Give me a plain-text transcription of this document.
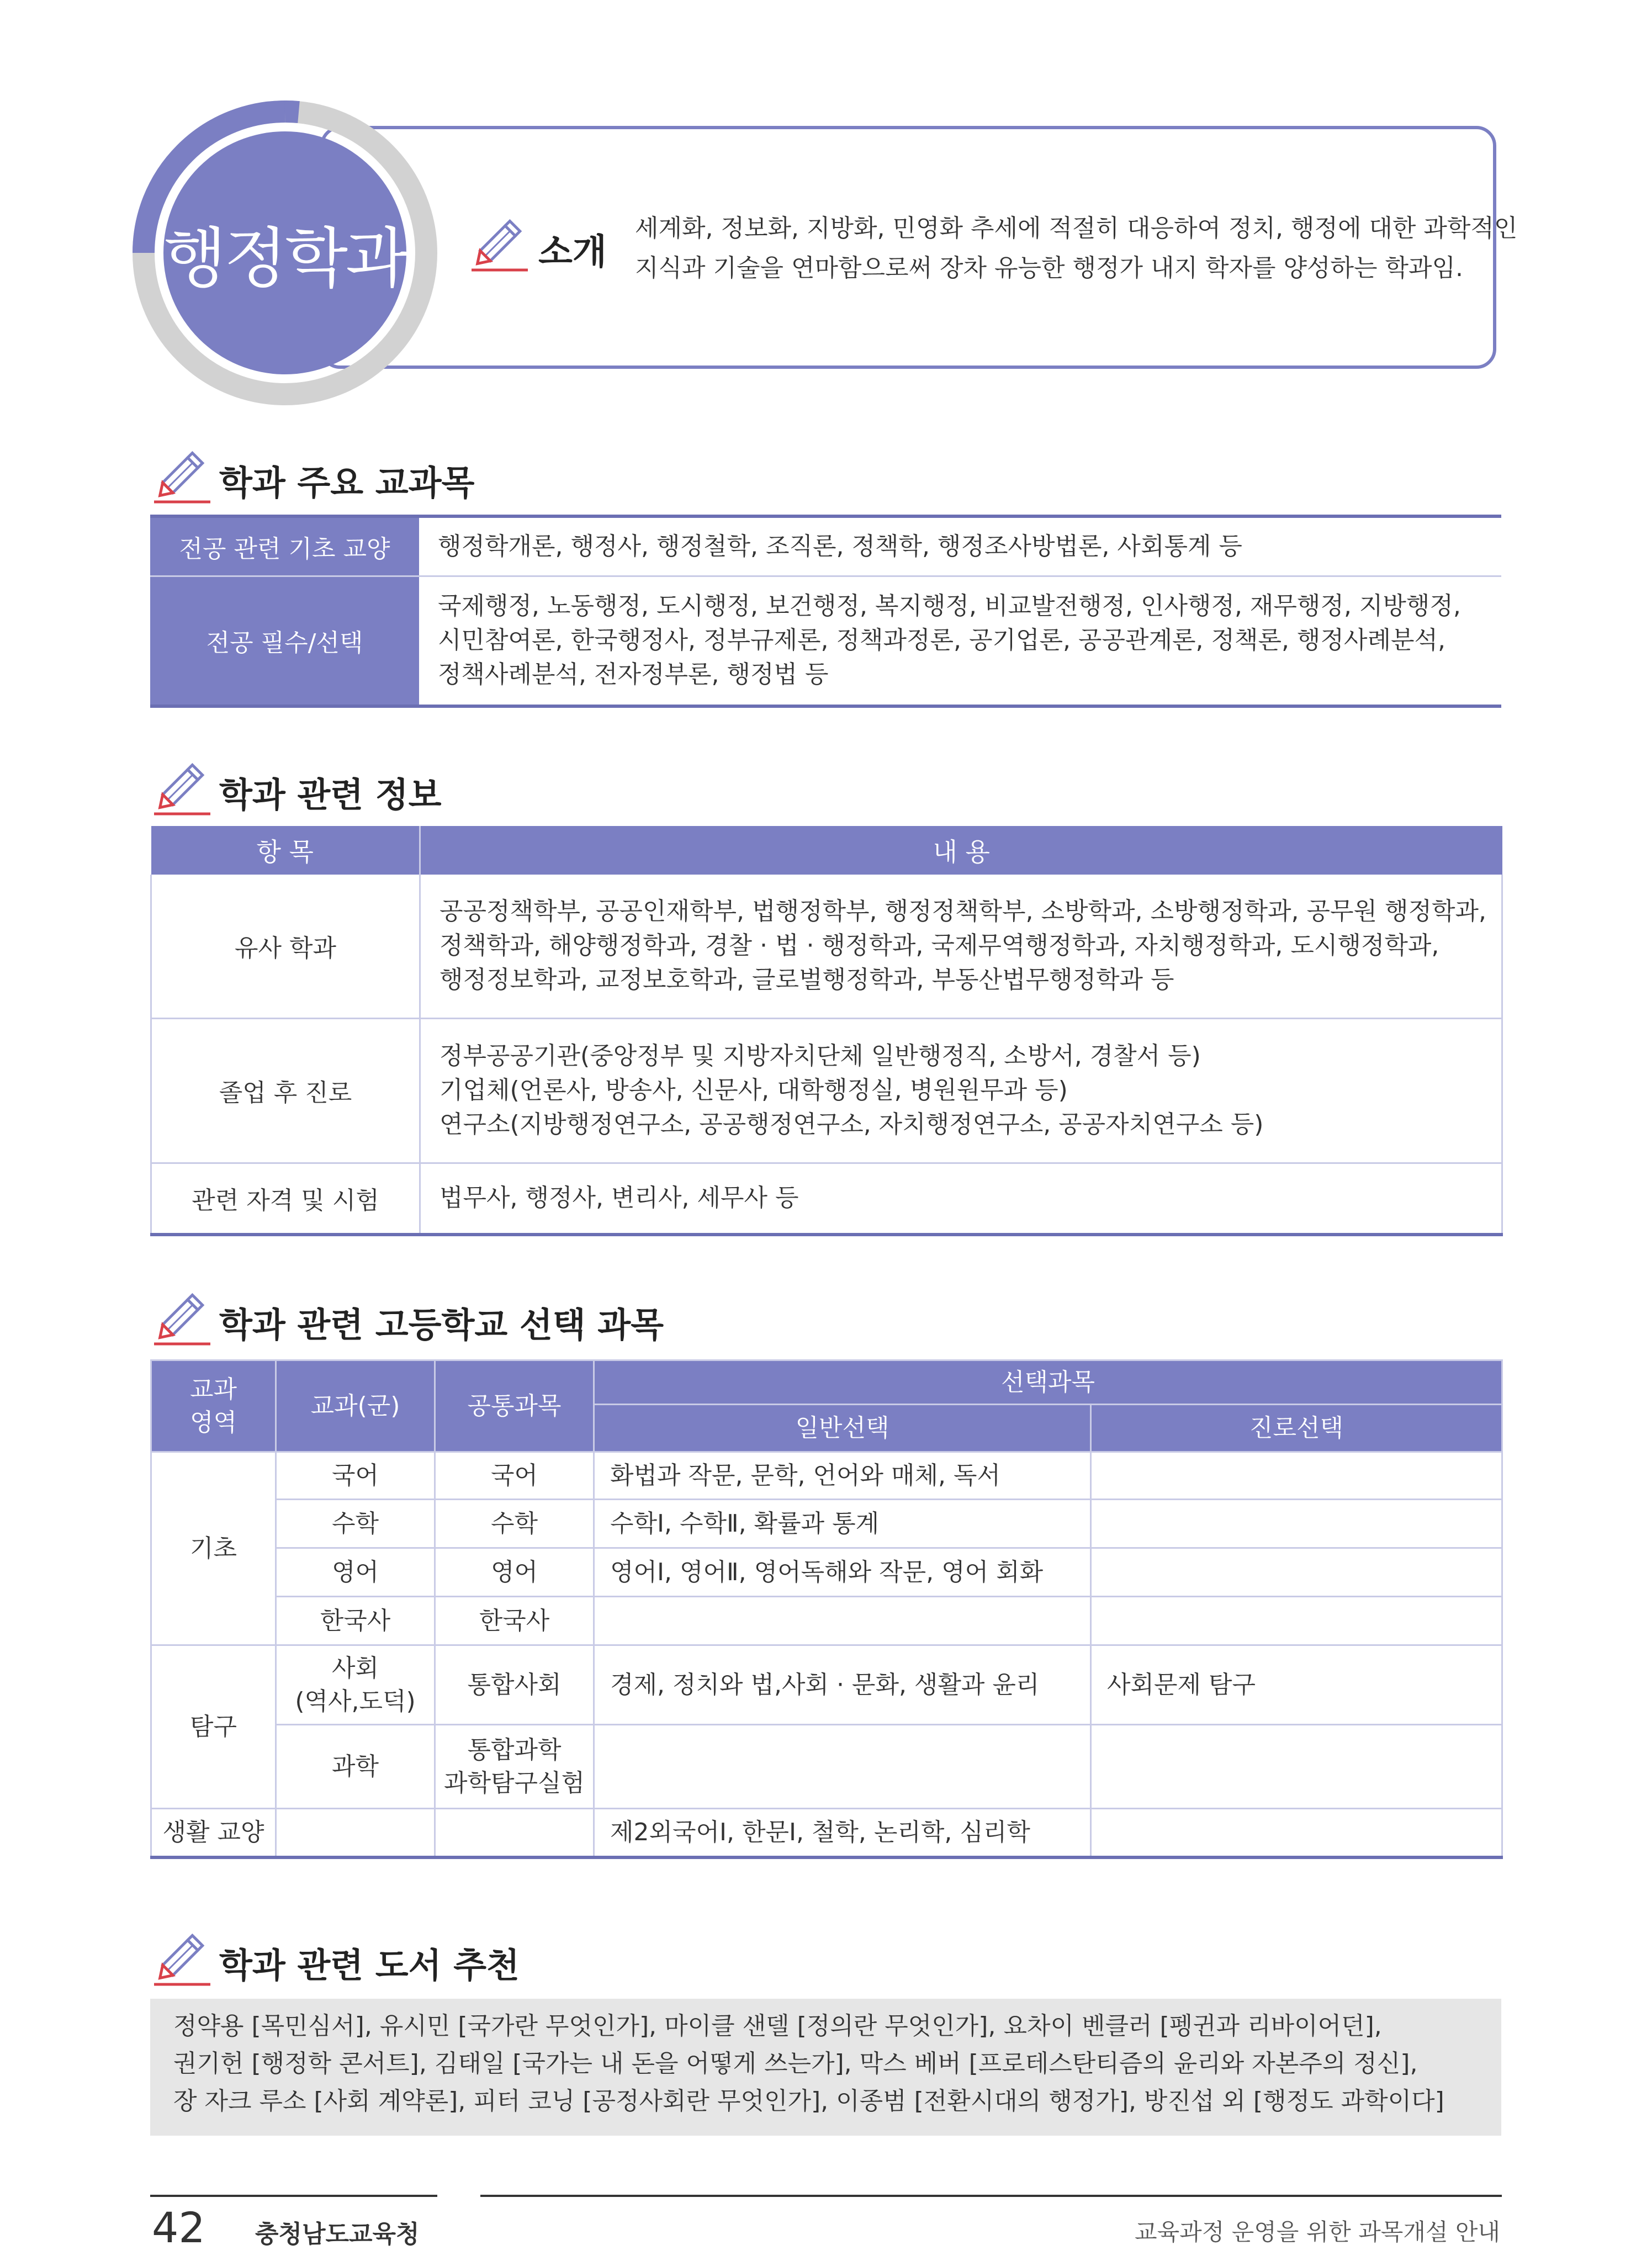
행정학과	소개
세계화, 정보화, 지방화, 민영화 추세에 적절히 대응하여 정치, 행정에 대한 과학적인
지식과 기술을 연마함으로써 장차 유능한 행정가 내지 학자를 양성하는 학과임.
학과 주요 교과목
전공 관련 기초 교양	행정학개론, 행정사, 행정철학, 조직론, 정책학, 행정조사방법론, 사회통계 등

전공 필수/선택	국제행정, 노동행정, 도시행정, 보건행정, 복지행정, 비교발전행정, 인사행정, 재무행정, 지방행정,
시민참여론, 한국행정사, 정부규제론, 정책과정론, 공기업론, 공공관계론, 정책론, 행정사례분석,
정책사례분석, 전자정부론, 행정법 등
학과 관련 정보
항 목	내 용
유사 학과	공공정책학부, 공공인재학부, 법행정학부, 행정정책학부, 소방학과, 소방행정학과, 공무원 행정학과,
정책학과, 해양행정학과, 경찰 · 법 · 행정학과, 국제무역행정학과, 자치행정학과, 도시행정학과,
행정정보학과, 교정보호학과, 글로벌행정학과, 부동산법무행정학과 등

졸업 후 진로	정부공공기관(중앙정부 및 지방자치단체 일반행정직, 소방서, 경찰서 등)
기업체(언론사, 방송사, 신문사, 대학행정실, 병원원무과 등)
연구소(지방행정연구소, 공공행정연구소, 자치행정연구소, 공공자치연구소 등)

관련 자격 및 시험	법무사, 행정사, 변리사, 세무사 등
학과 관련 고등학교 선택 과목
교과
영역	교과(군)	공통과목	선택과목	
			일반선택	진로선택
기초	국어	국어	화법과 작문, 문학, 언어와 매체, 독서	
	수학	수학	수학Ⅰ, 수학Ⅱ, 확률과 통계	
	영어	영어	영어Ⅰ, 영어Ⅱ, 영어독해와 작문, 영어 회화	
	한국사	한국사		
탐구	사회
(역사,도덕)	통합사회	경제, 정치와 법,사회 · 문화, 생활과 윤리	사회문제 탐구
	과학	통합과학
과학탐구실험		

생활 교양			제2외국어Ⅰ, 한문Ⅰ, 철학, 논리학, 심리학	
학과 관련 도서 추천
정약용 [목민심서], 유시민 [국가란 무엇인가], 마이클 샌델 [정의란 무엇인가], 요차이 벤클러 [펭귄과 리바이어던],
권기헌 [행정학 콘서트], 김태일 [국가는 내 돈을 어떻게 쓰는가], 막스 베버 [프로테스탄티즘의 윤리와 자본주의 정신],
장 자크 루소 [사회 계약론], 피터 코닝 [공정사회란 무엇인가], 이종범 [전환시대의 행정가], 방진섭 외 [행정도 과학이다]
42 충청남도교육청	교육과정 운영을 위한 과목개설 안내
